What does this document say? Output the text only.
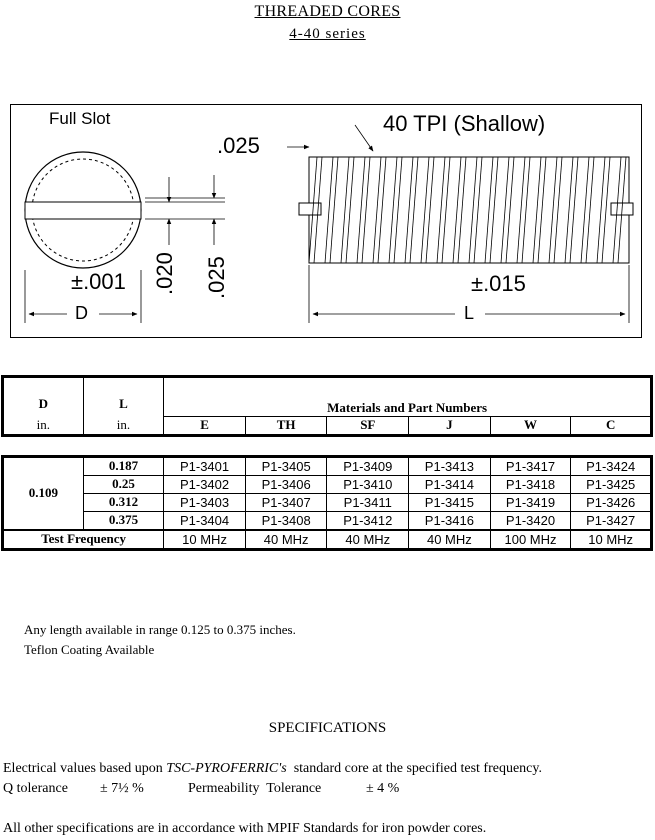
THREADED CORES
4-40 series
Full Slot
.025
40 TPI (Shallow)
±.001 .020 .025	±.015
D	L
D	L	Materials and Part Numbers					

in.	in.	E	TH	SF	J	W	C

0.109	0.187	P1-3401	P1-3405	P1-3409	P1-3413	P1-3417	P1-3424
	0.25	P1-3402	P1-3406	P1-3410	P1-3414	P1-3418	P1-3425
	0.312	P1-3403	P1-3407	P1-3411	P1-3415	P1-3419	P1-3426
	0.375	P1-3404	P1-3408	P1-3412	P1-3416	P1-3420	P1-3427
Test Frequency		10 MHz	40 MHz	40 MHz	40 MHz	100 MHz	10 MHz
Any length available in range 0.125 to 0.375 inches.
Teflon Coating Available
SPECIFICATIONS
Electrical values based upon TSC-PYROFERRIC's  standard core at the specified test frequency.
Q tolerance ± 7½ %	Permeability  Tolerance	± 4 %
All other specifications are in accordance with MPIF Standards for iron powder cores.
